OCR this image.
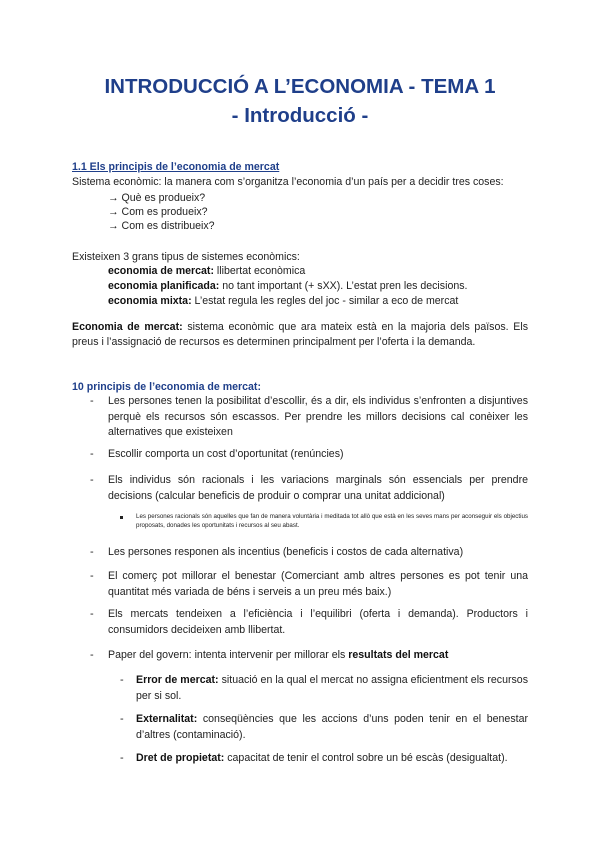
INTRODUCCIÓ A L’ECONOMIA - TEMA 1
- Introducció -
1.1 Els principis de l’economia de mercat
Sistema econòmic: la manera com s’organitza l’economia d’un país per a decidir tres coses:
→ Què es produeix?
→ Com es produeix?
→ Com es distribueix?
Existeixen 3 grans tipus de sistemes econòmics:
economia de mercat: llibertat econòmica
economia planificada: no tant important (+ sXX). L’estat pren les decisions.
economia mixta: L’estat regula les regles del joc - similar a eco de mercat
Economia de mercat: sistema econòmic que ara mateix està en la majoria dels països. Els preus i l’assignació de recursos es determinen principalment per l’oferta i la demanda.
10 principis de l’economia de mercat:
- Les persones tenen la posibilitat d’escollir, és a dir, els individus s’enfronten a disjuntives perquè els recursos són escassos. Per prendre les millors decisions cal conèixer les alternatives que existeixen
- Escollir comporta un cost d’oportunitat (renúncies)
- Els individus són racionals i les variacions marginals són essencials per prendre decisions (calcular beneficis de produir o comprar una unitat addicional)
Les persones racionals són aquelles que fan de manera voluntària i meditada tot allò que està en les seves mans per aconseguir els objectius proposats, donades les oportunitats i recursos al seu abast.
- Les persones responen als incentius (beneficis i costos de cada alternativa)
- El comerç pot millorar el benestar (Comerciant amb altres persones es pot tenir una quantitat més variada de béns i serveis a un preu més baix.)
- Els mercats tendeixen a l’eficiència i l’equilibri (oferta i demanda). Productors i consumidors decideixen amb llibertat.
- Paper del govern: intenta intervenir per millorar els resultats del mercat
- Error de mercat: situació en la qual el mercat no assigna eficientment els recursos per si sol.
- Externalitat: conseqüències que les accions d’uns poden tenir en el benestar d’altres (contaminació).
- Dret de propietat: capacitat de tenir el control sobre un bé escàs (desigualtat).
